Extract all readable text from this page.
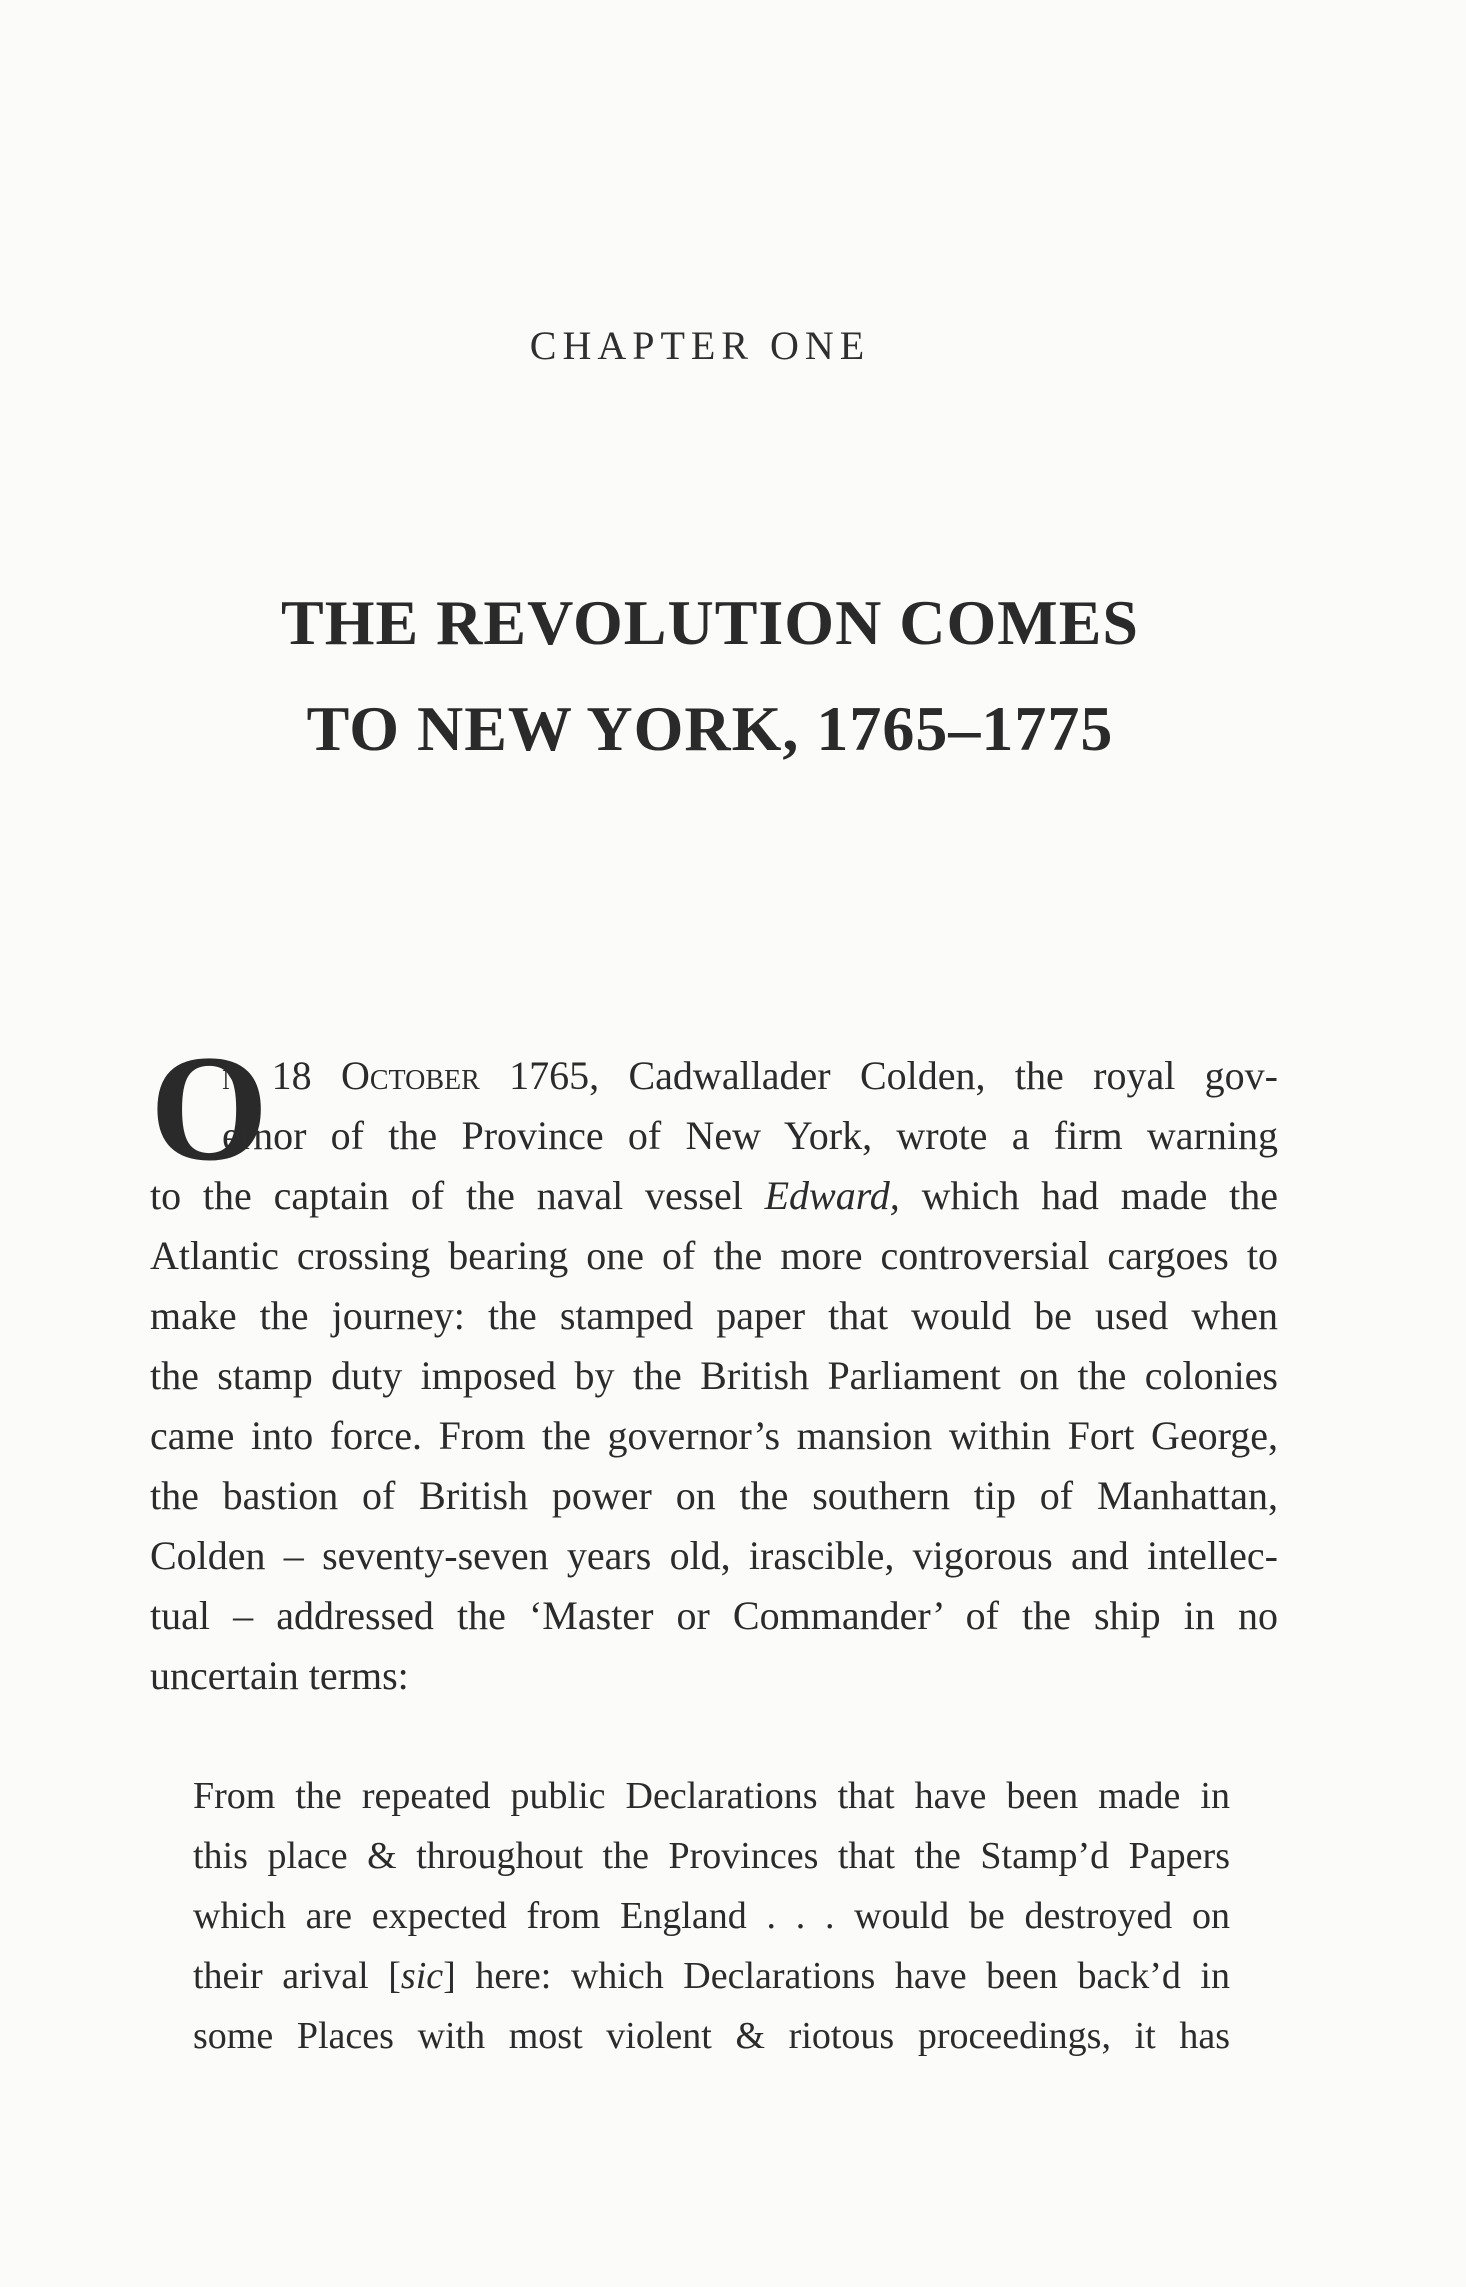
CHAPTER ONE
THE REVOLUTION COMES
TO NEW YORK, 1765–1775
O
n 18 October 1765, Cadwallader Colden, the royal gov-
ernor of the Province of New York, wrote a firm warning
to the captain of the naval vessel Edward, which had made the
Atlantic crossing bearing one of the more controversial cargoes to
make the journey: the stamped paper that would be used when
the stamp duty imposed by the British Parliament on the colonies
came into force. From the governor’s mansion within Fort George,
the bastion of British power on the southern tip of Manhattan,
Colden – seventy-seven years old, irascible, vigorous and intellec-
tual – addressed the ‘Master or Commander’ of the ship in no
uncertain terms:
From the repeated public Declarations that have been made in
this place & throughout the Provinces that the Stamp’d Papers
which are expected from England . . . would be destroyed on
their arival [sic] here: which Declarations have been back’d in
some Places with most violent & riotous proceedings, it has
